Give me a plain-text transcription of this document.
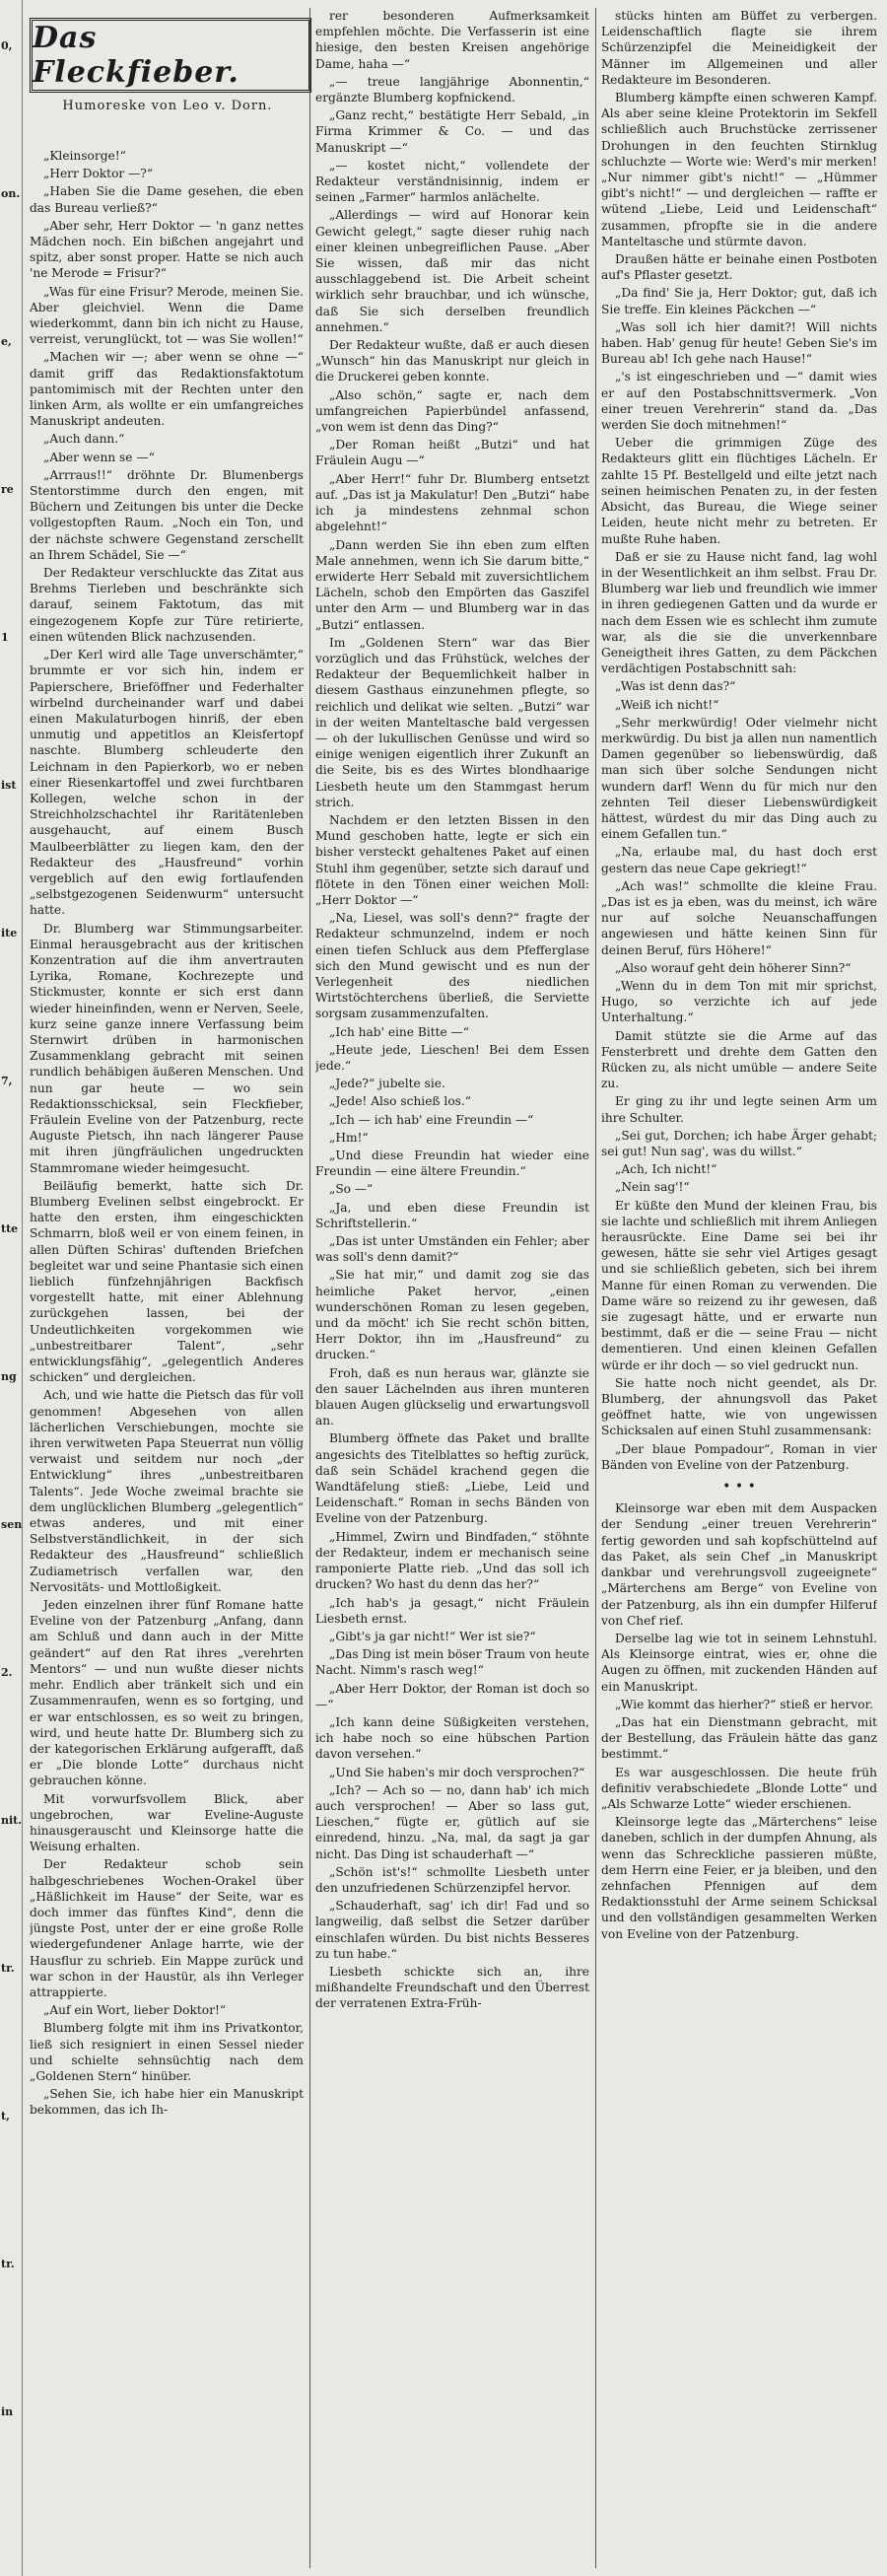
0,
on.
e,
re
1
ist
ite
7,
tte
ng
sen
2.
nit.
tr.
t,
tr.
in
Das Fleckfieber.
Humoreske von Leo v. Dorn.

„Kleinsorge!“

„Herr Doktor —?“

„Haben Sie die Dame gesehen, die eben das Bureau verließ?“

„Aber sehr, Herr Doktor — 'n ganz nettes Mädchen noch. Ein bißchen angejahrt und spitz, aber sonst proper. Hatte se nich auch 'ne Merode = Frisur?“

„Was für eine Frisur? Merode, meinen Sie. Aber gleichviel. Wenn die Dame wiederkommt, dann bin ich nicht zu Hause, verreist, verunglückt, tot — was Sie wollen!“

„Machen wir —; aber wenn se ohne —“ damit griff das Redaktionsfaktotum pantomimisch mit der Rechten unter den linken Arm, als wollte er ein umfangreiches Manuskript andeuten.

„Auch dann.“

„Aber wenn se —“

„Arrraus!!“ dröhnte Dr. Blumenbergs Stentorstimme durch den engen, mit Büchern und Zeitungen bis unter die Decke vollgestopften Raum. „Noch ein Ton, und der nächste schwere Gegenstand zerschellt an Ihrem Schädel, Sie —“

Der Redakteur verschluckte das Zitat aus Brehms Tierleben und beschränkte sich darauf, seinem Faktotum, das mit eingezogenem Kopfe zur Türe retirierte, einen wütenden Blick nachzusenden.

„Der Kerl wird alle Tage unverschämter,“ brummte er vor sich hin, indem er Papierschere, Brieföffner und Federhalter wirbelnd durcheinander warf und dabei einen Makulaturbogen hinriß, der eben unmutig und appetitlos an Kleisfertopf naschte. Blumberg schleuderte den Leichnam in den Papierkorb, wo er neben einer Riesenkartoffel und zwei furchtbaren Kollegen, welche schon in der Streichholzschachtel ihr Raritätenleben ausgehaucht, auf einem Busch Maulbeerblätter zu liegen kam, den der Redakteur des „Hausfreund“ vorhin vergeblich auf den ewig fortlaufenden „selbstgezogenen Seidenwurm“ untersucht hatte.

Dr. Blumberg war Stimmungsarbeiter. Einmal herausgebracht aus der kritischen Konzentration auf die ihm anvertrauten Lyrika, Romane, Kochrezepte und Stickmuster, konnte er sich erst dann wieder hineinfinden, wenn er Nerven, Seele, kurz seine ganze innere Verfassung beim Sternwirt drüben in harmonischen Zusammenklang gebracht mit seinen rundlich behäbigen äußeren Menschen. Und nun gar heute — wo sein Redaktionsschicksal, sein Fleckfieber, Fräulein Eveline von der Patzenburg, recte Auguste Pietsch, ihn nach längerer Pause mit ihren jüngfräulichen ungedruckten Stammromane wieder heimgesucht.

Beiläufig bemerkt, hatte sich Dr. Blumberg Evelinen selbst eingebrockt. Er hatte den ersten, ihm eingeschickten Schmarrn, bloß weil er von einem feinen, in allen Düften Schiras' duftenden Briefchen begleitet war und seine Phantasie sich einen lieblich fünfzehnjährigen Backfisch vorgestellt hatte, mit einer Ablehnung zurückgehen lassen, bei der Undeutlichkeiten vorgekommen wie „unbestreitbarer Talent“, „sehr entwicklungsfähig“, „gelegentlich Anderes schicken“ und dergleichen.

Ach, und wie hatte die Pietsch das für voll genommen! Abgesehen von allen lächerlichen Verschiebungen, mochte sie ihren verwitweten Papa Steuerrat nun völlig verwaist und seitdem nur noch „der Entwicklung“ ihres „unbestreitbaren Talents“. Jede Woche zweimal brachte sie dem unglücklichen Blumberg „gelegentlich“ etwas anderes, und mit einer Selbstverständlichkeit, in der sich Redakteur des „Hausfreund“ schließlich Zudiametrisch verfallen war, den Nervositäts- und Mottloßigkeit.

Jeden einzelnen ihrer fünf Romane hatte Eveline von der Patzenburg „Anfang, dann am Schluß und dann auch in der Mitte geändert“ auf den Rat ihres „verehrten Mentors“ — und nun wußte dieser nichts mehr. Endlich aber tränkelt sich und ein Zusammenraufen, wenn es so fortging, und er war entschlossen, es so weit zu bringen, wird, und heute hatte Dr. Blumberg sich zu der kategorischen Erklärung aufgerafft, daß er „Die blonde Lotte“ durchaus nicht gebrauchen könne.

Mit vorwurfsvollem Blick, aber ungebrochen, war Eveline-Auguste hinausgerauscht und Kleinsorge hatte die Weisung erhalten.

Der Redakteur schob sein halbgeschriebenes Wochen-Orakel über „Häßlichkeit im Hause“ der Seite, war es doch immer das fünftes Kind“, denn die jüngste Post, unter der er eine große Rolle wiedergefundener Anlage harrte, wie der Hausflur zu schrieb. Ein Mappe zurück und war schon in der Haustür, als ihn Verleger attrappierte.

„Auf ein Wort, lieber Doktor!“

Blumberg folgte mit ihm ins Privatkontor, ließ sich resigniert in einen Sessel nieder und schielte sehnsüchtig nach dem „Goldenen Stern“ hinüber.

„Sehen Sie, ich habe hier ein Manuskript bekommen, das ich Ih-

rer besonderen Aufmerksamkeit empfehlen möchte. Die Verfasserin ist eine hiesige, den besten Kreisen angehörige Dame, haha —“

„— treue langjährige Abonnentin,“ ergänzte Blumberg kopfnickend.

„Ganz recht,“ bestätigte Herr Sebald, „in Firma Krimmer & Co. — und das Manuskript —“

„— kostet nicht,“ vollendete der Redakteur verständnisinnig, indem er seinen „Farmer“ harmlos anlächelte.

„Allerdings — wird auf Honorar kein Gewicht gelegt,“ sagte dieser ruhig nach einer kleinen unbegreiflichen Pause. „Aber Sie wissen, daß mir das nicht ausschlaggebend ist. Die Arbeit scheint wirklich sehr brauchbar, und ich wünsche, daß Sie sich derselben freundlich annehmen.“

Der Redakteur wußte, daß er auch diesen „Wunsch“ hin das Manuskript nur gleich in die Druckerei geben konnte.

„Also schön,“ sagte er, nach dem umfangreichen Papierbündel anfassend, „von wem ist denn das Ding?“

„Der Roman heißt „Butzi“ und hat Fräulein Augu —“

„Aber Herr!“ fuhr Dr. Blumberg entsetzt auf. „Das ist ja Makulatur! Den „Butzi“ habe ich ja mindestens zehnmal schon abgelehnt!“

„Dann werden Sie ihn eben zum elften Male annehmen, wenn ich Sie darum bitte,“ erwiderte Herr Sebald mit zuversichtlichem Lächeln, schob den Empörten das Gaszifel unter den Arm — und Blumberg war in das „Butzi“ entlassen.

Im „Goldenen Stern“ war das Bier vorzüglich und das Frühstück, welches der Redakteur der Bequemlichkeit halber in diesem Gasthaus einzunehmen pflegte, so reichlich und delikat wie selten. „Butzi“ war in der weiten Manteltasche bald vergessen — oh der lukullischen Genüsse und wird so einige wenigen eigentlich ihrer Zukunft an die Seite, bis es des Wirtes blondhaarige Liesbeth heute um den Stammgast herum strich.

Nachdem er den letzten Bissen in den Mund geschoben hatte, legte er sich ein bisher versteckt gehaltenes Paket auf einen Stuhl ihm gegenüber, setzte sich darauf und flötete in den Tönen einer weichen Moll: „Herr Doktor —“

„Na, Liesel, was soll's denn?“ fragte der Redakteur schmunzelnd, indem er noch einen tiefen Schluck aus dem Pfefferglase sich den Mund gewischt und es nun der Verlegenheit des niedlichen Wirtstöchterchens überließ, die Serviette sorgsam zusammenzufalten.

„Ich hab' eine Bitte —“

„Heute jede, Lieschen! Bei dem Essen jede.“

„Jede?“ jubelte sie.

„Jede! Also schieß los.“

„Ich — ich hab' eine Freundin —“

„Hm!“

„Und diese Freundin hat wieder eine Freundin — eine ältere Freundin.“

„So —“

„Ja, und eben diese Freundin ist Schriftstellerin.“

„Das ist unter Umständen ein Fehler; aber was soll's denn damit?“

„Sie hat mir,“ und damit zog sie das heimliche Paket hervor, „einen wunderschönen Roman zu lesen gegeben, und da möcht' ich Sie recht schön bitten, Herr Doktor, ihn im „Hausfreund“ zu drucken.“

Froh, daß es nun heraus war, glänzte sie den sauer Lächelnden aus ihren munteren blauen Augen glückselig und erwartungsvoll an.

Blumberg öffnete das Paket und brallte angesichts des Titelblattes so heftig zurück, daß sein Schädel krachend gegen die Wandtäfelung stieß: „Liebe, Leid und Leidenschaft.“ Roman in sechs Bänden von Eveline von der Patzenburg.

„Himmel, Zwirn und Bindfaden,“ stöhnte der Redakteur, indem er mechanisch seine ramponierte Platte rieb. „Und das soll ich drucken? Wo hast du denn das her?“

„Ich hab's ja gesagt,“ nicht Fräulein Liesbeth ernst.

„Gibt's ja gar nicht!“ Wer ist sie?“

„Das Ding ist mein böser Traum von heute Nacht. Nimm's rasch weg!“

„Aber Herr Doktor, der Roman ist doch so —“

„Ich kann deine Süßigkeiten verstehen, ich habe noch so eine hübschen Partion davon versehen.“

„Und Sie haben's mir doch versprochen?“

„Ich? — Ach so — no, dann hab' ich mich auch versprochen! — Aber so lass gut, Lieschen,“ fügte er, gütlich auf sie einredend, hinzu. „Na, mal, da sagt ja gar nicht. Das Ding ist schauderhaft —“

„Schön ist's!“ schmollte Liesbeth unter den unzufriedenen Schürzenzipfel hervor.

„Schauderhaft, sag' ich dir! Fad und so langweilig, daß selbst die Setzer darüber einschlafen würden. Du bist nichts Besseres zu tun habe.“

Liesbeth schickte sich an, ihre mißhandelte Freundschaft und den Überrest der verratenen Extra-Früh-

stücks hinten am Büffet zu verbergen. Leidenschaftlich flagte sie ihrem Schürzenzipfel die Meineidigkeit der Männer im Allgemeinen und aller Redakteure im Besonderen.

Blumberg kämpfte einen schweren Kampf. Als aber seine kleine Protektorin im Sekfell schließlich auch Bruchstücke zerrissener Drohungen in den feuchten Stirnklug schluchzte — Worte wie: Werd's mir merken! „Nur nimmer gibt's nicht!“ — „Hümmer gibt's nicht!“ — und dergleichen — raffte er wütend „Liebe, Leid und Leidenschaft“ zusammen, pfropfte sie in die andere Manteltasche und stürmte davon.

Draußen hätte er beinahe einen Postboten auf's Pflaster gesetzt.

„Da find' Sie ja, Herr Doktor; gut, daß ich Sie treffe. Ein kleines Päckchen —“

„Was soll ich hier damit?! Will nichts haben. Hab' genug für heute! Geben Sie's im Bureau ab! Ich gehe nach Hause!“

„'s ist eingeschrieben und —“ damit wies er auf den Postabschnittsvermerk. „Von einer treuen Verehrerin“ stand da. „Das werden Sie doch mitnehmen!“

Ueber die grimmigen Züge des Redakteurs glitt ein flüchtiges Lächeln. Er zahlte 15 Pf. Bestellgeld und eilte jetzt nach seinen heimischen Penaten zu, in der festen Absicht, das Bureau, die Wiege seiner Leiden, heute nicht mehr zu betreten. Er mußte Ruhe haben.

Daß er sie zu Hause nicht fand, lag wohl in der Wesentlichkeit an ihm selbst. Frau Dr. Blumberg war lieb und freundlich wie immer in ihren gediegenen Gatten und da wurde er nach dem Essen wie es schlecht ihm zumute war, als die sie die unverkennbare Geneigtheit ihres Gatten, zu dem Päckchen verdächtigen Postabschnitt sah:

„Was ist denn das?“

„Weiß ich nicht!“

„Sehr merkwürdig! Oder vielmehr nicht merkwürdig. Du bist ja allen nun namentlich Damen gegenüber so liebenswürdig, daß man sich über solche Sendungen nicht wundern darf! Wenn du für mich nur den zehnten Teil dieser Liebenswürdigkeit hättest, würdest du mir das Ding auch zu einem Gefallen tun.“

„Na, erlaube mal, du hast doch erst gestern das neue Cape gekriegt!“

„Ach was!“ schmollte die kleine Frau. „Das ist es ja eben, was du meinst, ich wäre nur auf solche Neuanschaffungen angewiesen und hätte keinen Sinn für deinen Beruf, fürs Höhere!“

„Also worauf geht dein höherer Sinn?“

„Wenn du in dem Ton mit mir sprichst, Hugo, so verzichte ich auf jede Unterhaltung.“

Damit stützte sie die Arme auf das Fensterbrett und drehte dem Gatten den Rücken zu, als nicht umüble — andere Seite zu.

Er ging zu ihr und legte seinen Arm um ihre Schulter.

„Sei gut, Dorchen; ich habe Ärger gehabt; sei gut! Nun sag', was du willst.“

„Ach, Ich nicht!“

„Nein sag'!“

Er küßte den Mund der kleinen Frau, bis sie lachte und schließlich mit ihrem Anliegen herausrückte. Eine Dame sei bei ihr gewesen, hätte sie sehr viel Artiges gesagt und sie schließlich gebeten, sich bei ihrem Manne für einen Roman zu verwenden. Die Dame wäre so reizend zu ihr gewesen, daß sie zugesagt hätte, und er erwarte nun bestimmt, daß er die — seine Frau — nicht dementieren. Und einen kleinen Gefallen würde er ihr doch — so viel gedruckt nun.

Sie hatte noch nicht geendet, als Dr. Blumberg, der ahnungsvoll das Paket geöffnet hatte, wie von ungewissen Schicksalen auf einen Stuhl zusammensank:

„Der blaue Pompadour“, Roman in vier Bänden von Eveline von der Patzenburg.

• • •

Kleinsorge war eben mit dem Auspacken der Sendung „einer treuen Verehrerin“ fertig geworden und sah kopfschüttelnd auf das Paket, als sein Chef „in Manuskript dankbar und verehrungsvoll zugeeignete“ „Märterchens am Berge“ von Eveline von der Patzenburg, als ihn ein dumpfer Hilferuf von Chef rief.

Derselbe lag wie tot in seinem Lehnstuhl. Als Kleinsorge eintrat, wies er, ohne die Augen zu öffnen, mit zuckenden Händen auf ein Manuskript.

„Wie kommt das hierher?“ stieß er hervor.

„Das hat ein Dienstmann gebracht, mit der Bestellung, das Fräulein hätte das ganz bestimmt.“

Es war ausgeschlossen. Die heute früh definitiv verabschiedete „Blonde Lotte“ und „Als Schwarze Lotte“ wieder erschienen.

Kleinsorge legte das „Märterchens“ leise daneben, schlich in der dumpfen Ahnung, als wenn das Schreckliche passieren müßte, dem Herrn eine Feier, er ja bleiben, und den zehnfachen Pfennigen auf dem Redaktionsstuhl der Arme seinem Schicksal und den vollständigen gesammelten Werken von Eveline von der Patzenburg.
